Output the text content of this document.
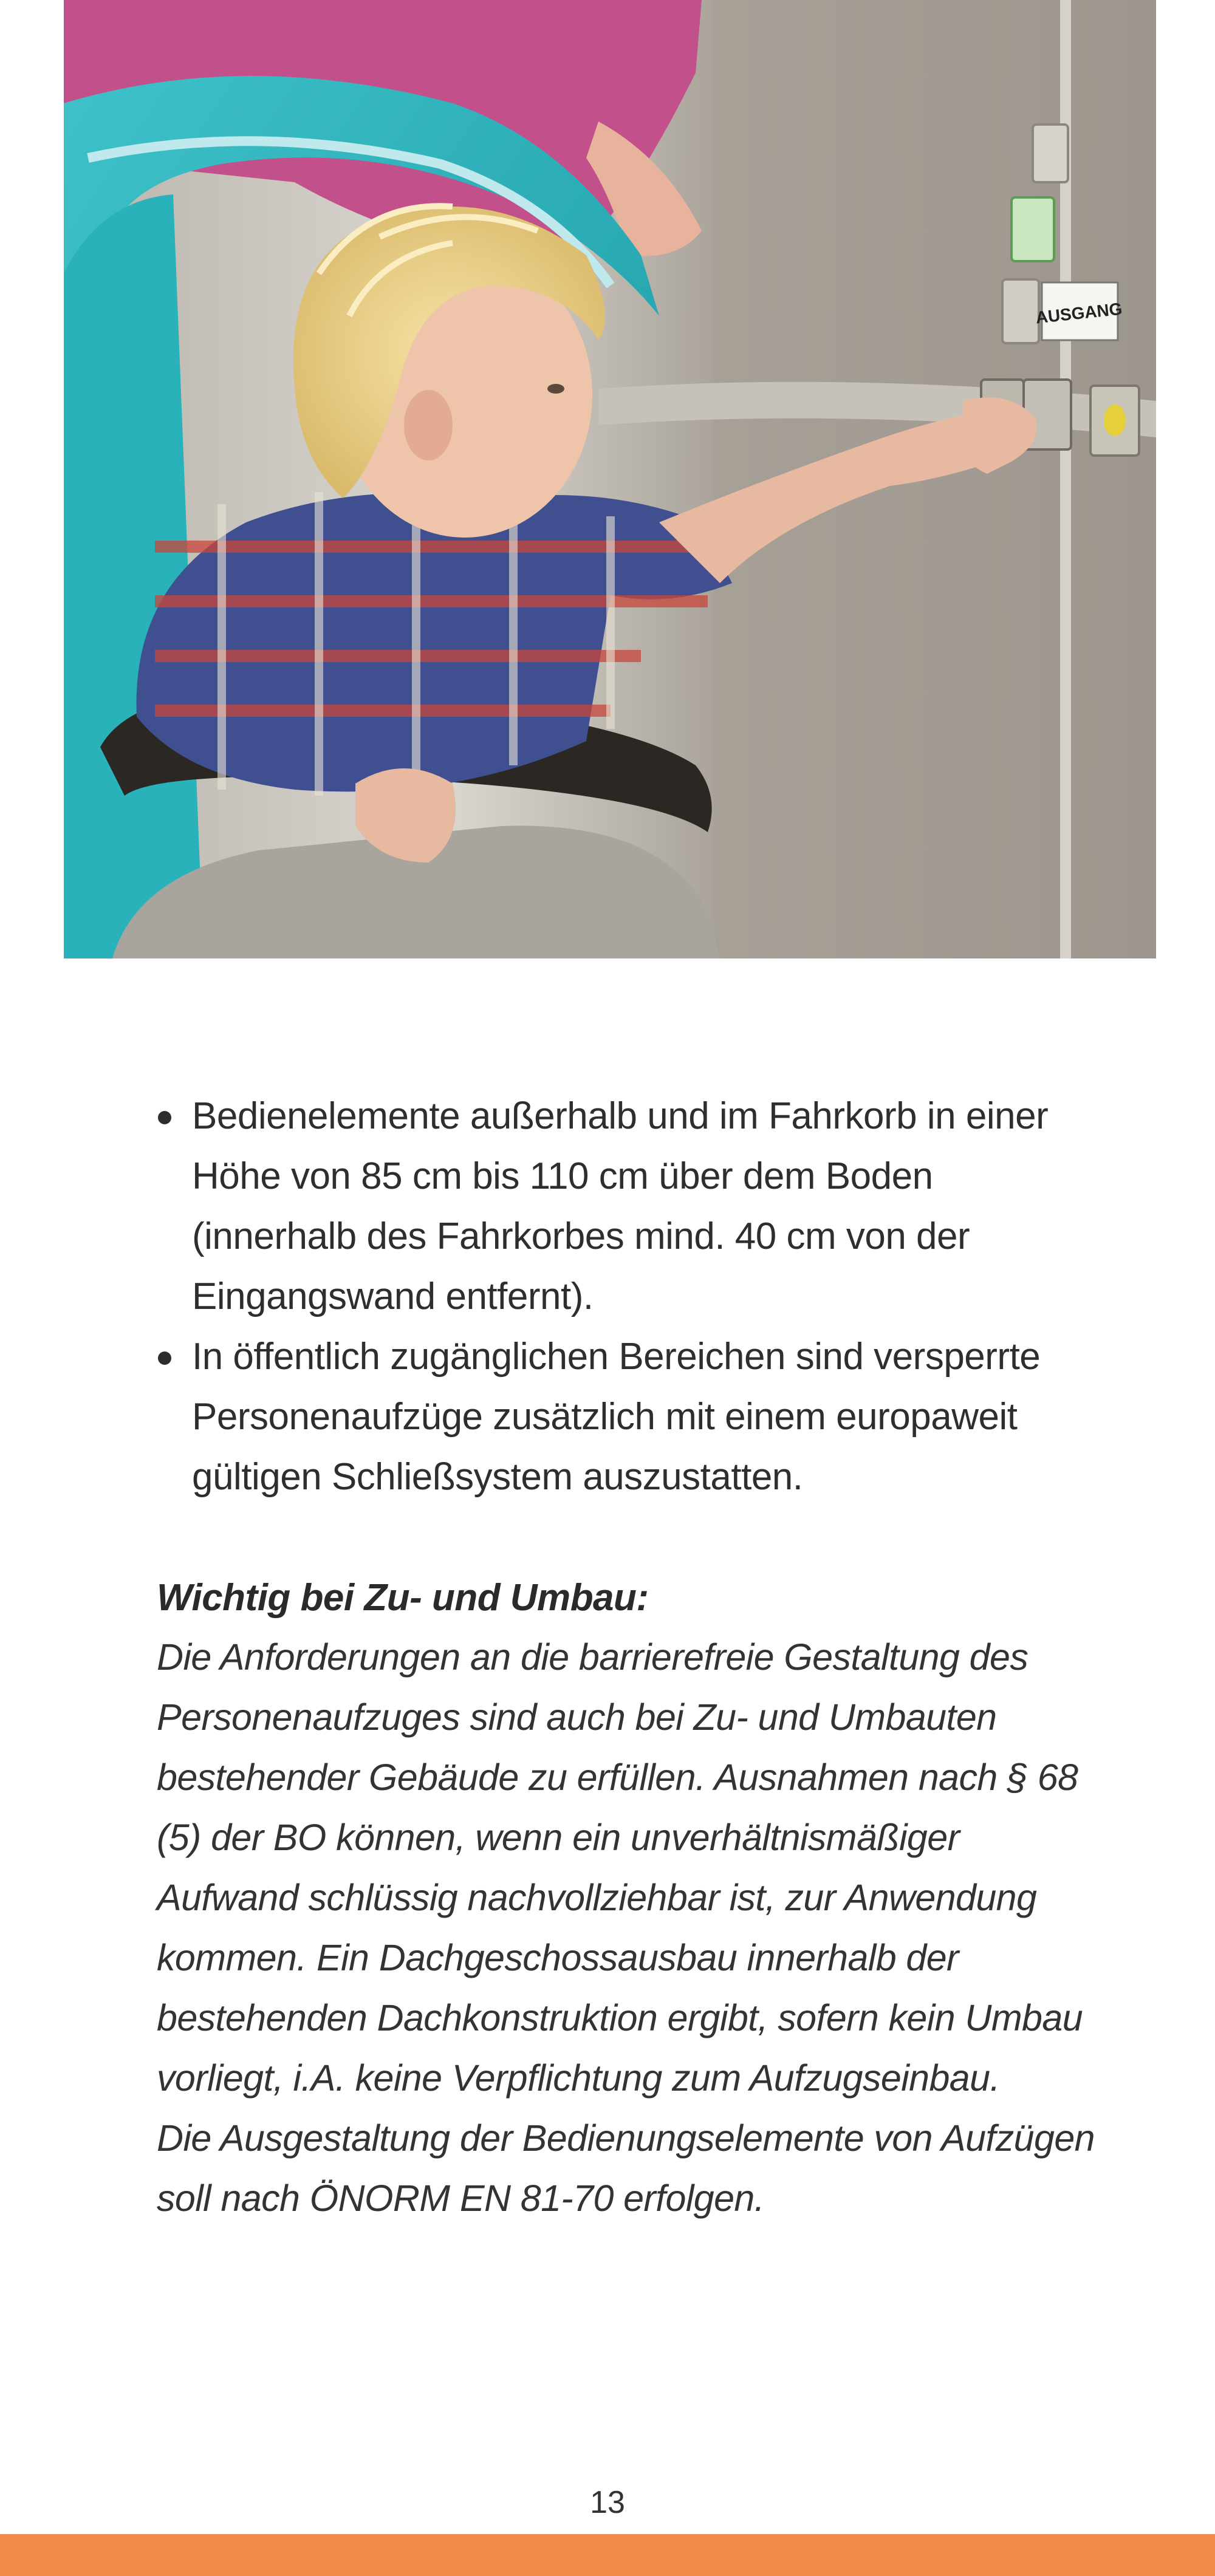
AUSGANG
Bedienelemente außerhalb und im Fahrkorb in einer Höhe von 85 cm bis 110 cm über dem Boden (innerhalb des Fahrkorbes mind. 40 cm von der Eingangswand entfernt).
In öffentlich zugänglichen Bereichen sind versperrte Personenaufzüge zusätzlich mit einem europaweit gültigen Schließsystem auszustatten.
Wichtig bei Zu- und Umbau:

Die Anforderungen an die barrierefreie Gestaltung des Personenaufzuges sind auch bei Zu- und Umbauten bestehender Gebäude zu erfüllen. Ausnahmen nach § 68 (5) der BO können, wenn ein unverhältnismäßiger Aufwand schlüssig nachvollziehbar ist, zur Anwendung kommen. Ein Dachgeschossausbau innerhalb der bestehenden Dachkonstruktion ergibt, sofern kein Umbau vorliegt, i.A. keine Verpflichtung zum Aufzugseinbau.

Die Ausgestaltung der Bedienungselemente von Aufzügen soll nach ÖNORM EN 81-70 erfolgen.

13
